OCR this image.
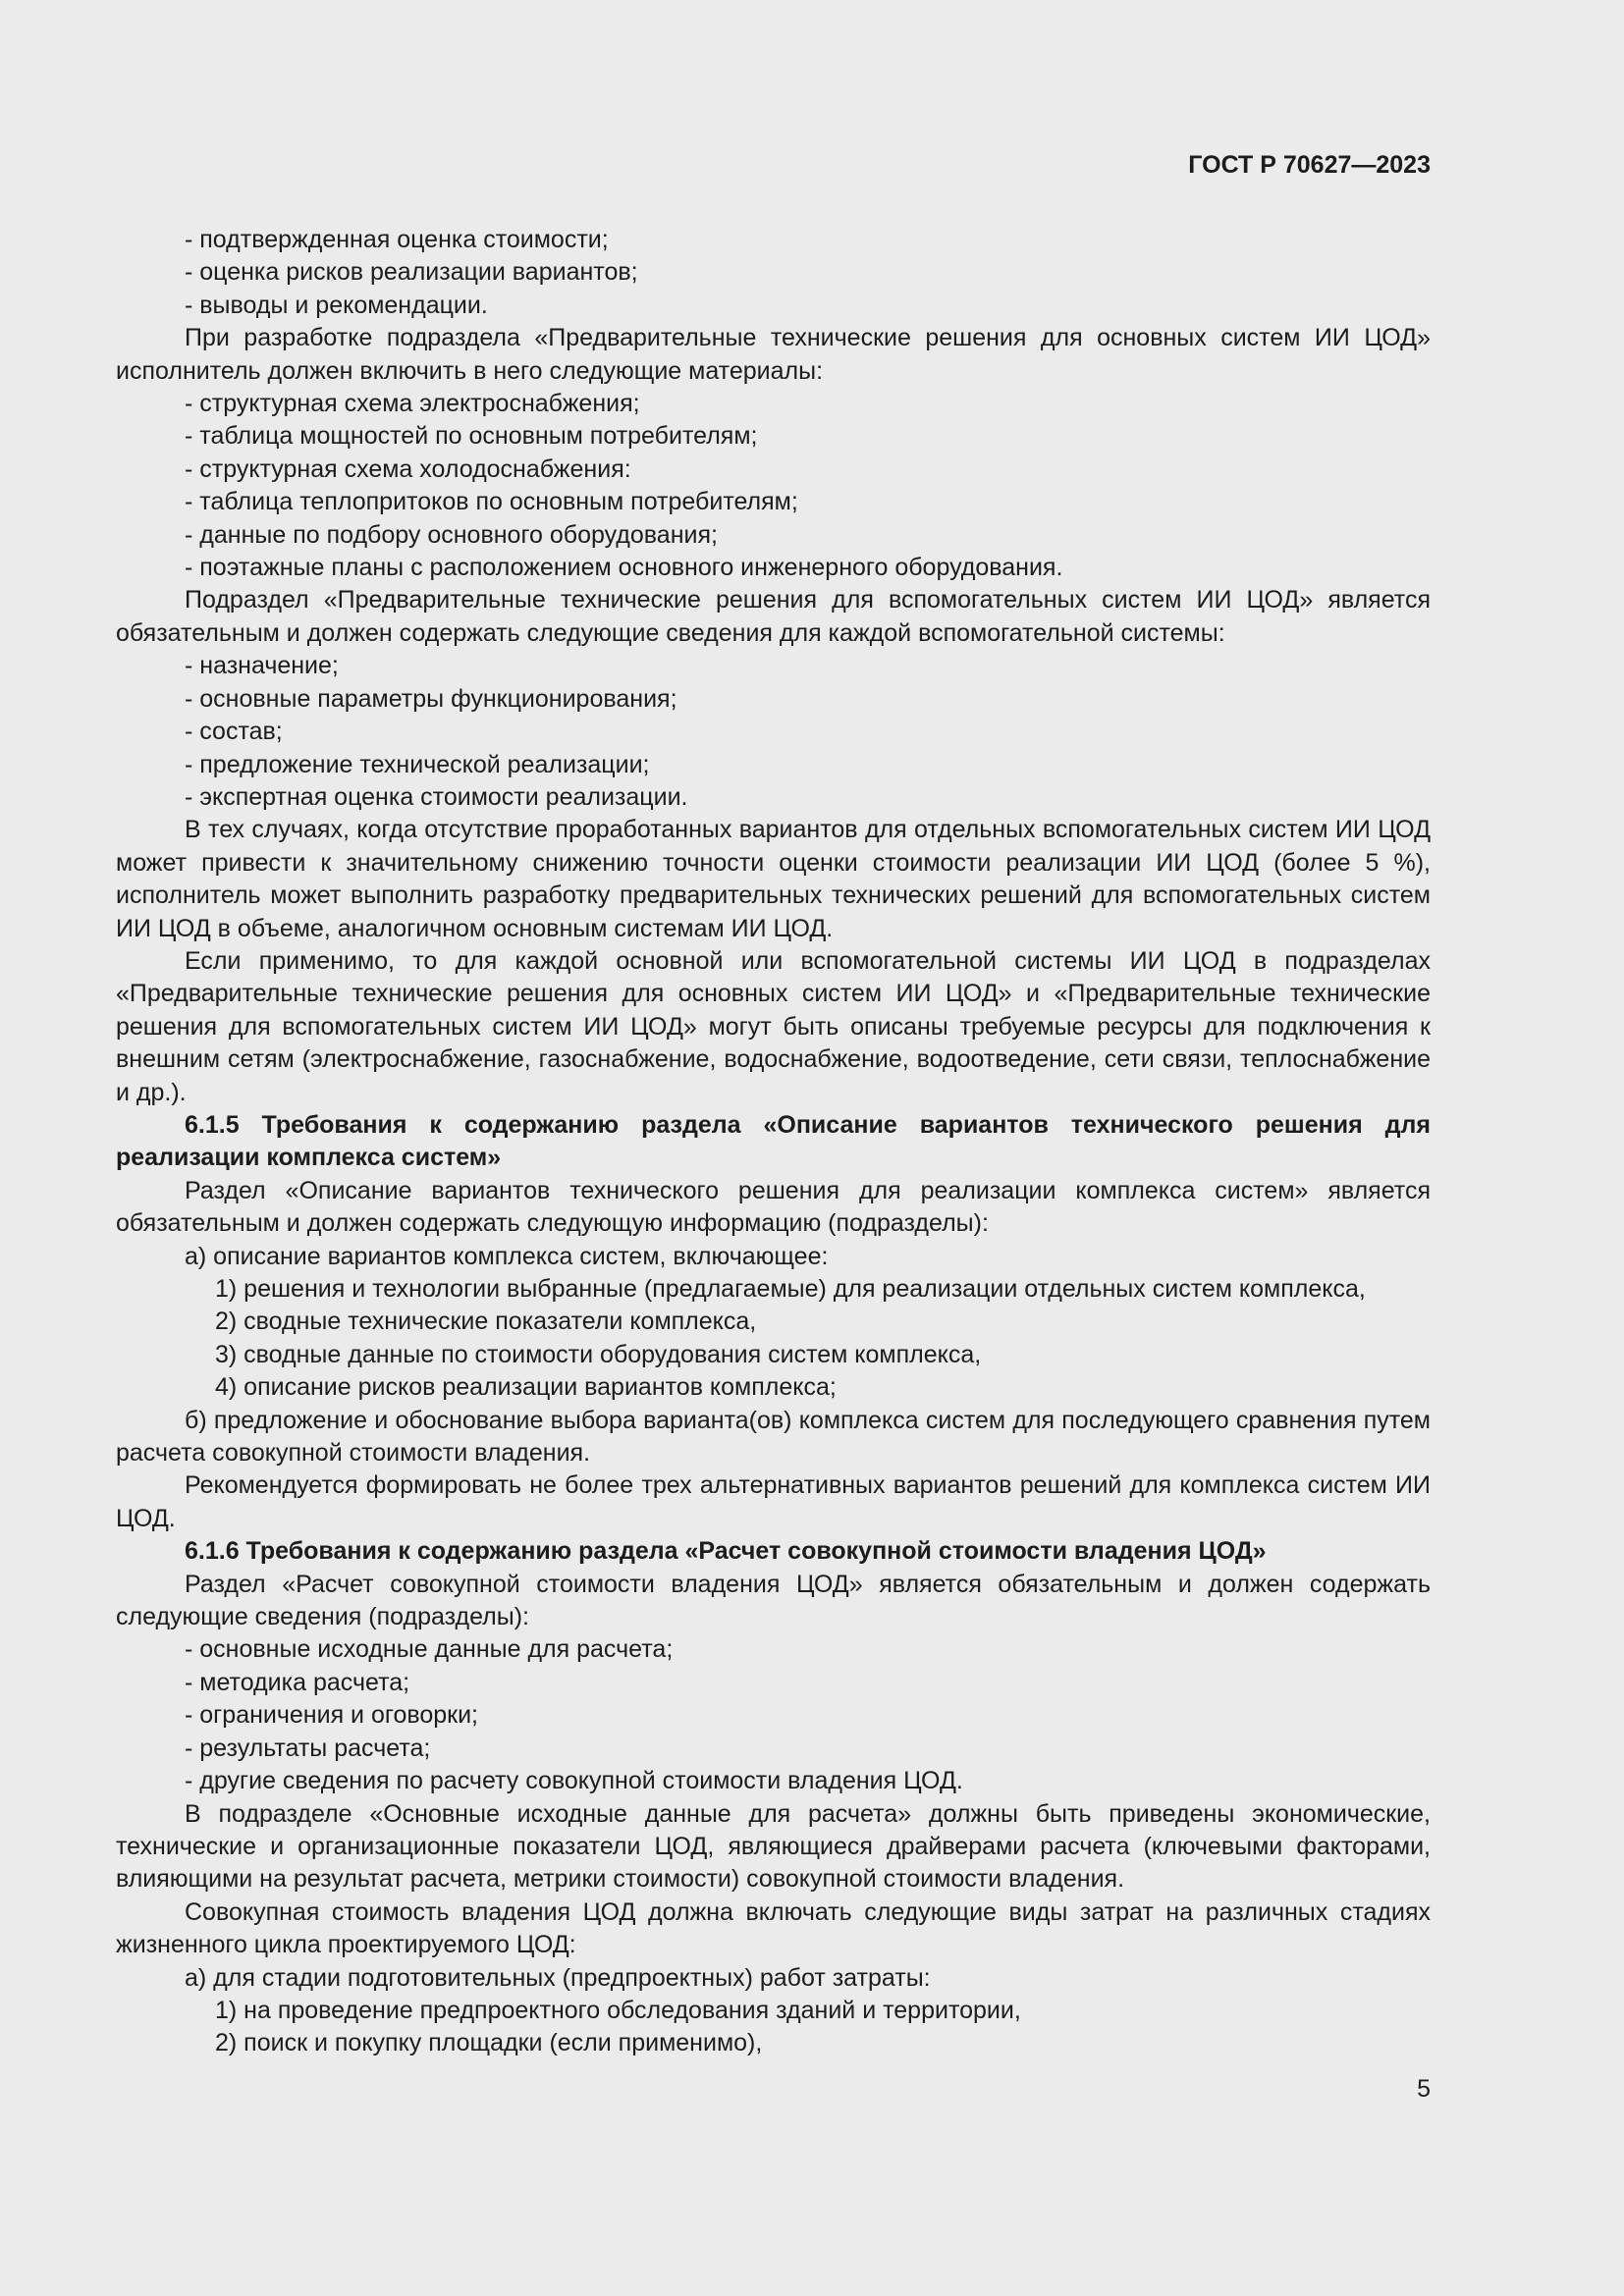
ГОСТ Р 70627—2023

- подтвержденная оценка стоимости;

- оценка рисков реализации вариантов;

- выводы и рекомендации.

При разработке подраздела «Предварительные технические решения для основных систем ИИ ЦОД» исполнитель должен включить в него следующие материалы:

- структурная схема электроснабжения;

- таблица мощностей по основным потребителям;

- структурная схема холодоснабжения:

- таблица теплопритоков по основным потребителям;

- данные по подбору основного оборудования;

- поэтажные планы с расположением основного инженерного оборудования.

Подраздел «Предварительные технические решения для вспомогательных систем ИИ ЦОД» является обязательным и должен содержать следующие сведения для каждой вспомогательной системы:

- назначение;

- основные параметры функционирования;

- состав;

- предложение технической реализации;

- экспертная оценка стоимости реализации.

В тех случаях, когда отсутствие проработанных вариантов для отдельных вспомогательных систем ИИ ЦОД может привести к значительному снижению точности оценки стоимости реализации ИИ ЦОД (более 5 %), исполнитель может выполнить разработку предварительных технических решений для вспомогательных систем ИИ ЦОД в объеме, аналогичном основным системам ИИ ЦОД.

Если применимо, то для каждой основной или вспомогательной системы ИИ ЦОД в подразделах «Предварительные технические решения для основных систем ИИ ЦОД» и «Предварительные технические решения для вспомогательных систем ИИ ЦОД» могут быть описаны требуемые ресурсы для подключения к внешним сетям (электроснабжение, газоснабжение, водоснабжение, водоотведение, сети связи, теплоснабжение и др.).

6.1.5 Требования к содержанию раздела «Описание вариантов технического решения для реализации комплекса систем»

Раздел «Описание вариантов технического решения для реализации комплекса систем» является обязательным и должен содержать следующую информацию (подразделы):

а) описание вариантов комплекса систем, включающее:

1) решения и технологии выбранные (предлагаемые) для реализации отдельных систем комплекса,

2) сводные технические показатели комплекса,

3) сводные данные по стоимости оборудования систем комплекса,

4) описание рисков реализации вариантов комплекса;

б) предложение и обоснование выбора варианта(ов) комплекса систем для последующего сравнения путем расчета совокупной стоимости владения.

Рекомендуется формировать не более трех альтернативных вариантов решений для комплекса систем ИИ ЦОД.

6.1.6 Требования к содержанию раздела «Расчет совокупной стоимости владения ЦОД»

Раздел «Расчет совокупной стоимости владения ЦОД» является обязательным и должен содержать следующие сведения (подразделы):

- основные исходные данные для расчета;

- методика расчета;

- ограничения и оговорки;

- результаты расчета;

- другие сведения по расчету совокупной стоимости владения ЦОД.

В подразделе «Основные исходные данные для расчета» должны быть приведены экономические, технические и организационные показатели ЦОД, являющиеся драйверами расчета (ключевыми факторами, влияющими на результат расчета, метрики стоимости) совокупной стоимости владения.

Совокупная стоимость владения ЦОД должна включать следующие виды затрат на различных стадиях жизненного цикла проектируемого ЦОД:

а) для стадии подготовительных (предпроектных) работ затраты:

1) на проведение предпроектного обследования зданий и территории,

2) поиск и покупку площадки (если применимо),

5
